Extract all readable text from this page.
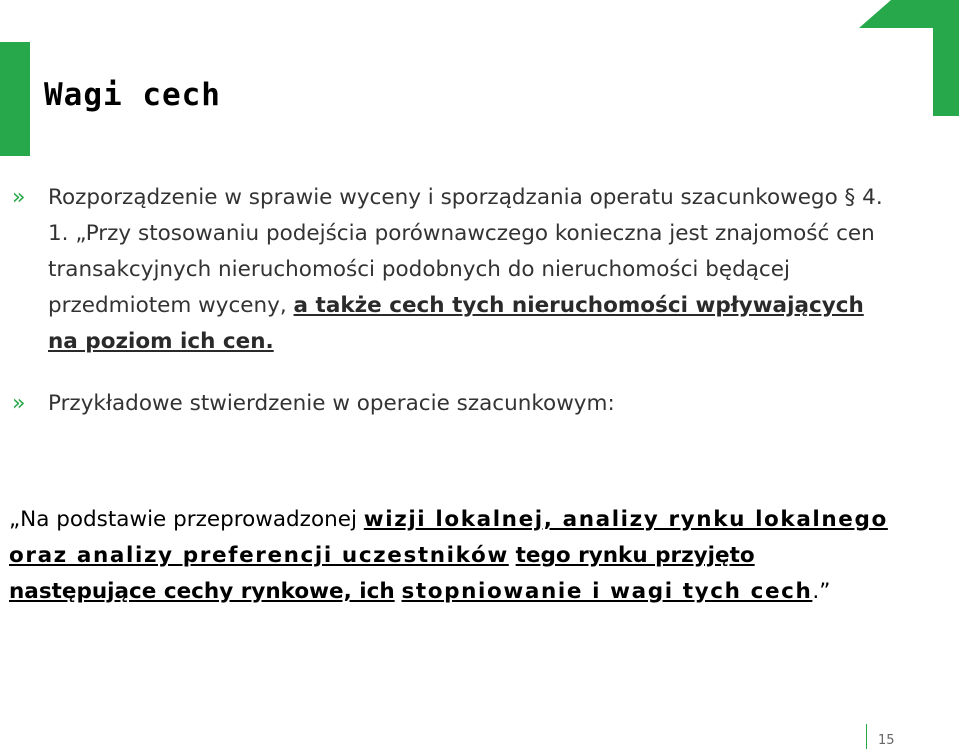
Wagi cech
» Rozporządzenie w sprawie wyceny i sporządzania operatu szacunkowego § 4. 1. „Przy stosowaniu podejścia porównawczego konieczna jest znajomość cen transakcyjnych nieruchomości podobnych do nieruchomości będącej przedmiotem wyceny, a także cech tych nieruchomości wpływających na poziom ich cen.
» Przykładowe stwierdzenie w operacie szacunkowym:
„Na podstawie przeprowadzonej wizji lokalnej, analizy rynku lokalnego oraz analizy preferencji uczestników tego rynku przyjęto następujące cechy rynkowe, ich stopniowanie i wagi tych cech.”
15
